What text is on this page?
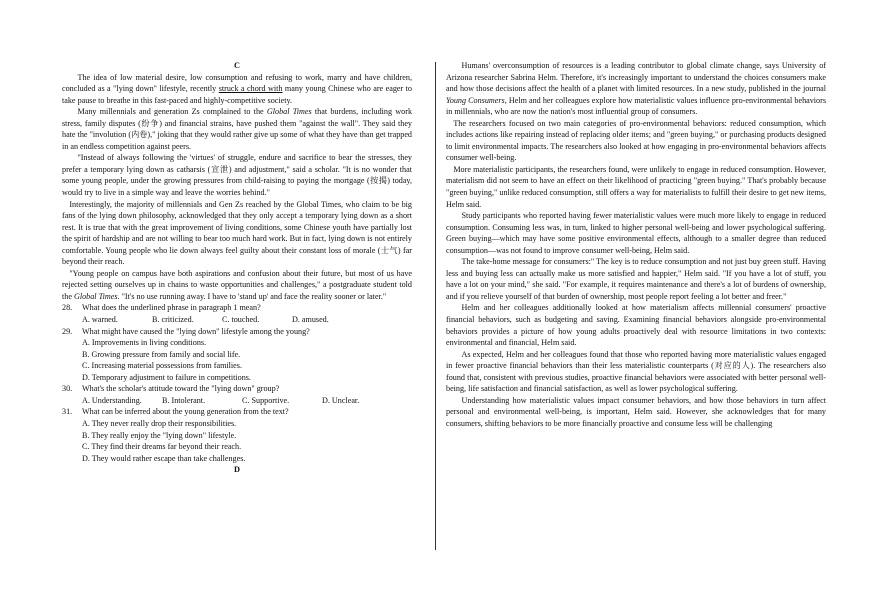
C

The idea of low material desire, low consumption and refusing to work, marry and have children, concluded as a "lying down" lifestyle, recently struck a chord with many young Chinese who are eager to take pause to breathe in this fast-paced and highly-competitive society.

Many millennials and generation Zs complained to the Global Times that burdens, including work stress, family disputes (纷争) and financial strains, have pushed them "against the wall". They said they hate the "involution (内卷)," joking that they would rather give up some of what they have than get trapped in an endless competition against peers.

"Instead of always following the 'virtues' of struggle, endure and sacrifice to bear the stresses, they prefer a temporary lying down as catharsis (宣泄) and adjustment," said a scholar. "It is no wonder that some young people, under the growing pressures from child-raising to paying the mortgage (按揭) today, would try to live in a simple way and leave the worries behind."

Interestingly, the majority of millennials and Gen Zs reached by the Global Times, who claim to be big fans of the lying down philosophy, acknowledged that they only accept a temporary lying down as a short rest. It is true that with the great improvement of living conditions, some Chinese youth have partially lost the spirit of hardship and are not willing to bear too much hard work. But in fact, lying down is not entirely comfortable. Young people who lie down always feel guilty about their constant loss of morale (士气) far beyond their reach.

"Young people on campus have both aspirations and confusion about their future, but most of us have rejected setting ourselves up in chains to waste opportunities and challenges," a postgraduate student told the Global Times. "It's no use running away. I have to 'stand up' and face the reality sooner or later."

28. What does the underlined phrase in paragraph 1 mean?

A. warned.	B. criticized.	C. touched.	D. amused.

29. What might have caused the "lying down" lifestyle among the young?

A. Improvements in living conditions.

B. Growing pressure from family and social life.

C. Increasing material possessions from families.

D. Temporary adjustment to failure in competitions.

30. What's the scholar's attitude toward the "lying down" group?

A. Understanding.	B. Intolerant.	C. Supportive.	D. Unclear.

31. What can be inferred about the young generation from the text?

A. They never really drop their responsibilities.

B. They really enjoy the "lying down" lifestyle.

C. They find their dreams far beyond their reach.

D. They would rather escape than take challenges.

D

Humans' overconsumption of resources is a leading contributor to global climate change, says University of Arizona researcher Sabrina Helm. Therefore, it's increasingly important to understand the choices consumers make and how those decisions affect the health of a planet with limited resources. In a new study, published in the journal Young Consumers, Helm and her colleagues explore how materialistic values influence pro-environmental behaviors in millennials, who are now the nation's most influential group of consumers.

The researchers focused on two main categories of pro-environmental behaviors: reduced consumption, which includes actions like repairing instead of replacing older items; and "green buying," or purchasing products designed to limit environmental impacts. The researchers also looked at how engaging in pro-environmental behaviors affects consumer well-being.

More materialistic participants, the researchers found, were unlikely to engage in reduced consumption. However, materialism did not seem to have an effect on their likelihood of practicing "green buying." That's probably because "green buying," unlike reduced consumption, still offers a way for materialists to fulfill their desire to get new items, Helm said.

Study participants who reported having fewer materialistic values were much more likely to engage in reduced consumption. Consuming less was, in turn, linked to higher personal well-being and lower psychological suffering. Green buying—which may have some positive environmental effects, although to a smaller degree than reduced consumption—was not found to improve consumer well-being, Helm said.

The take-home message for consumers:" The key is to reduce consumption and not just buy green stuff. Having less and buying less can actually make us more satisfied and happier," Helm said. "If you have a lot of stuff, you have a lot on your mind," she said. "For example, it requires maintenance and there's a lot of burdens of ownership, and if you relieve yourself of that burden of ownership, most people report feeling a lot better and freer."

Helm and her colleagues additionally looked at how materialism affects millennial consumers' proactive financial behaviors, such as budgeting and saving. Examining financial behaviors alongside pro-environmental behaviors provides a picture of how young adults proactively deal with resource limitations in two contexts: environmental and financial, Helm said.

As expected, Helm and her colleagues found that those who reported having more materialistic values engaged in fewer proactive financial behaviors than their less materialistic counterparts (对应的人). The researchers also found that, consistent with previous studies, proactive financial behaviors were associated with better personal well-being, life satisfaction and financial satisfaction, as well as lower psychological suffering.

Understanding how materialistic values impact consumer behaviors, and how those behaviors in turn affect personal and environmental well-being, is important, Helm said. However, she acknowledges that for many consumers, shifting behaviors to be more financially proactive and consume less will be challenging
